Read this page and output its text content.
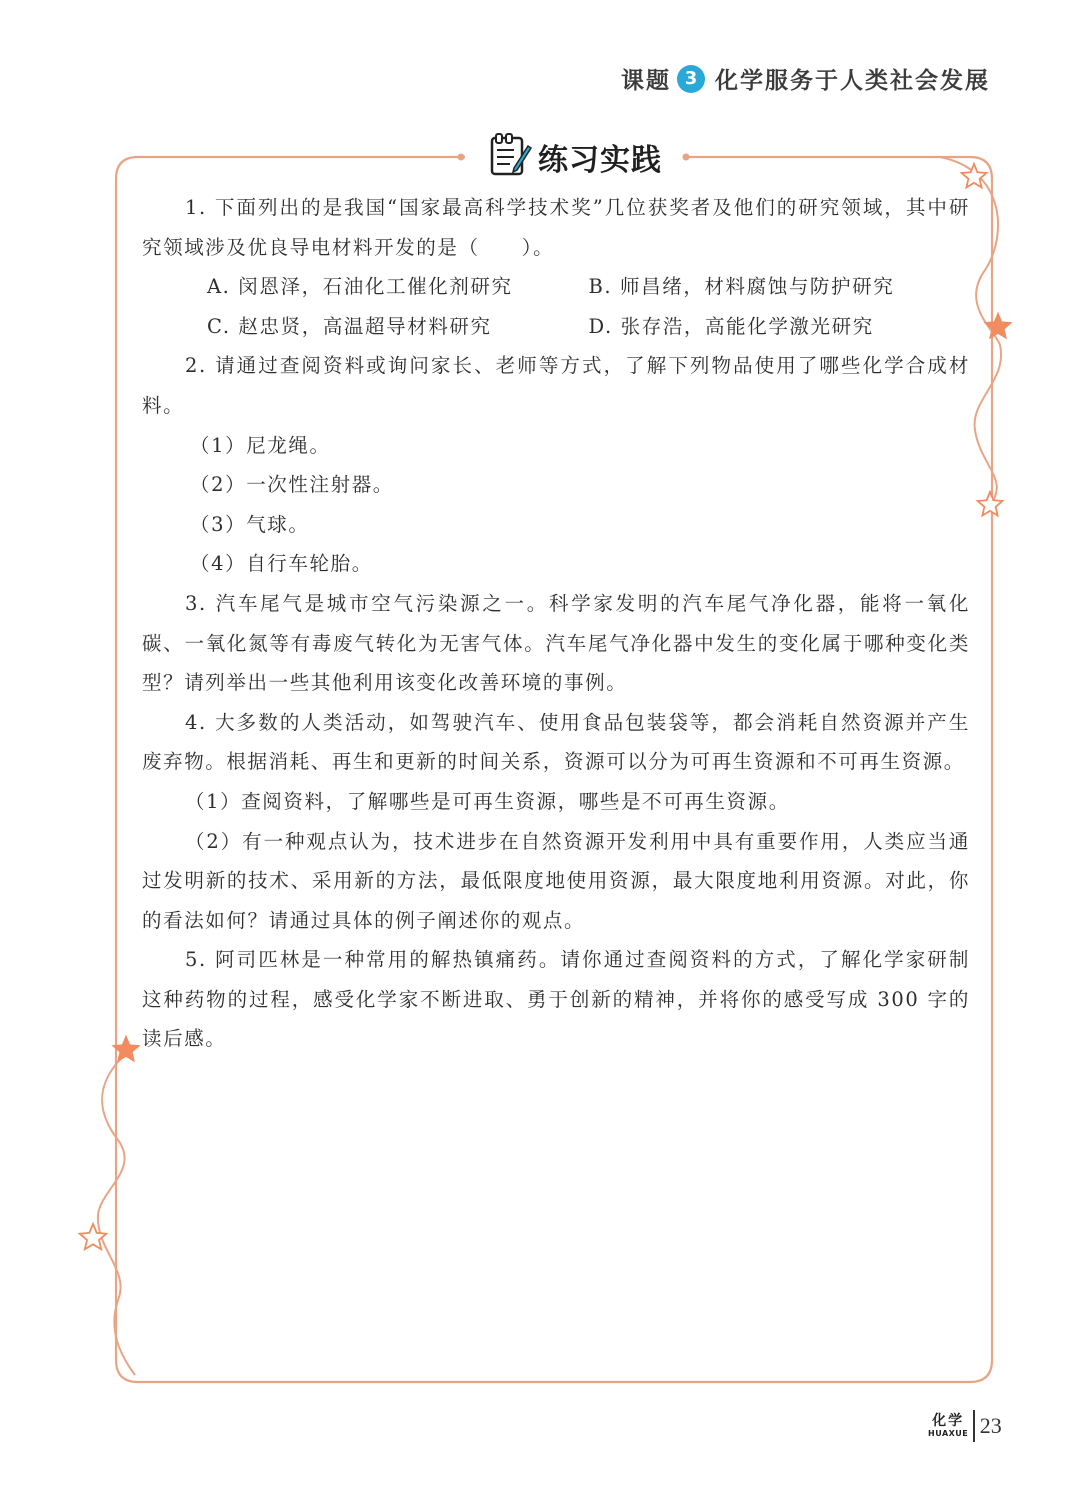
课题 3 化学服务于人类社会发展
练习实践

1. 下面列出的是我国“国家最高科学技术奖”几位获奖者及他们的研究领域，其中研究领域涉及优良导电材料开发的是（　　）。

A. 闵恩泽，石油化工催化剂研究	B. 师昌绪，材料腐蚀与防护研究
C. 赵忠贤，高温超导材料研究	D. 张存浩，高能化学激光研究

2. 请通过查阅资料或询问家长、老师等方式，了解下列物品使用了哪些化学合成材料。

（1）尼龙绳。

（2）一次性注射器。

（3）气球。

（4）自行车轮胎。

3. 汽车尾气是城市空气污染源之一。科学家发明的汽车尾气净化器，能将一氧化碳、一氧化氮等有毒废气转化为无害气体。汽车尾气净化器中发生的变化属于哪种变化类型？请列举出一些其他利用该变化改善环境的事例。

4. 大多数的人类活动，如驾驶汽车、使用食品包装袋等，都会消耗自然资源并产生废弃物。根据消耗、再生和更新的时间关系，资源可以分为可再生资源和不可再生资源。

（1）查阅资料，了解哪些是可再生资源，哪些是不可再生资源。

（2）有一种观点认为，技术进步在自然资源开发利用中具有重要作用，人类应当通过发明新的技术、采用新的方法，最低限度地使用资源，最大限度地利用资源。对此，你的看法如何？请通过具体的例子阐述你的观点。

5. 阿司匹林是一种常用的解热镇痛药。请你通过查阅资料的方式，了解化学家研制这种药物的过程，感受化学家不断进取、勇于创新的精神，并将你的感受写成 300 字的读后感。

化学
HUAXUE 23
